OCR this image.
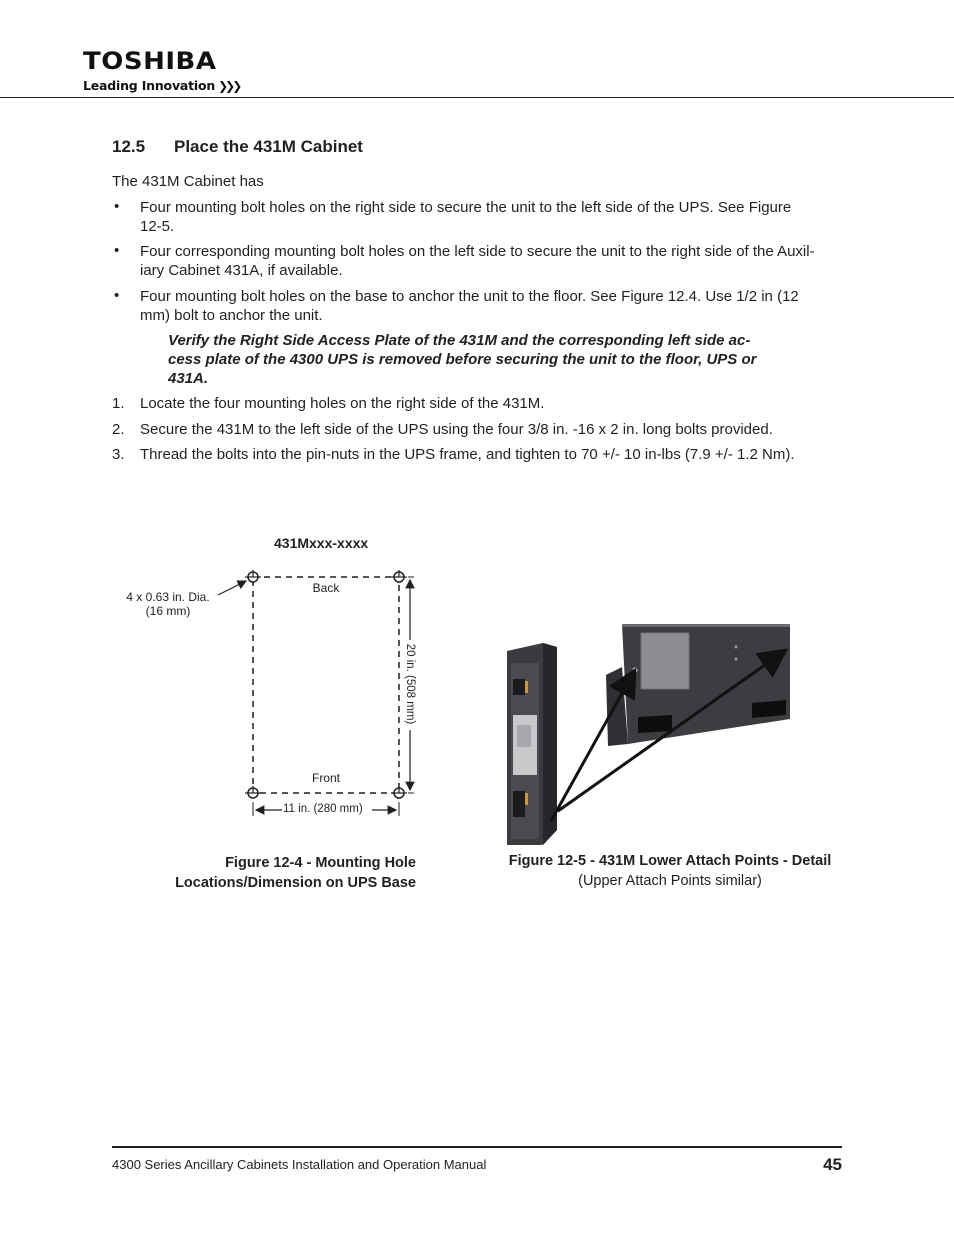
TOSHIBA
Leading Innovation ❯❯❯
12.5 Place the 431M Cabinet
The 431M Cabinet has
• Four mounting bolt holes on the right side to secure the unit to the left side of the UPS. See Figure
12-5.
• Four corresponding mounting bolt holes on the left side to secure the unit to the right side of the Auxil-
iary Cabinet 431A, if available.
• Four mounting bolt holes on the base to anchor the unit to the floor. See Figure 12.4. Use 1/2 in (12
mm) bolt to anchor the unit.
Verify the Right Side Access Plate of the 431M and the corresponding left side ac-
cess plate of the 4300 UPS is removed before securing the unit to the floor, UPS or
431A.
1. Locate the four mounting holes on the right side of the 431M.
2. Secure the 431M to the left side of the UPS using the four 3/8 in. -16 x 2 in. long bolts provided.
3. Thread the bolts into the pin-nuts in the UPS frame, and tighten to 70 +/- 10 in-lbs (7.9 +/- 1.2 Nm).
431Mxxx-xxxx
4 x 0.63 in. Dia.
(16 mm)
Back
Front
20 in. (508 mm)
11 in. (280 mm)
Figure 12-4 - Mounting Hole
Locations/Dimension on UPS Base
Figure 12-5 - 431M Lower Attach Points - Detail
(Upper Attach Points similar)
4300 Series Ancillary Cabinets Installation and Operation Manual	45
